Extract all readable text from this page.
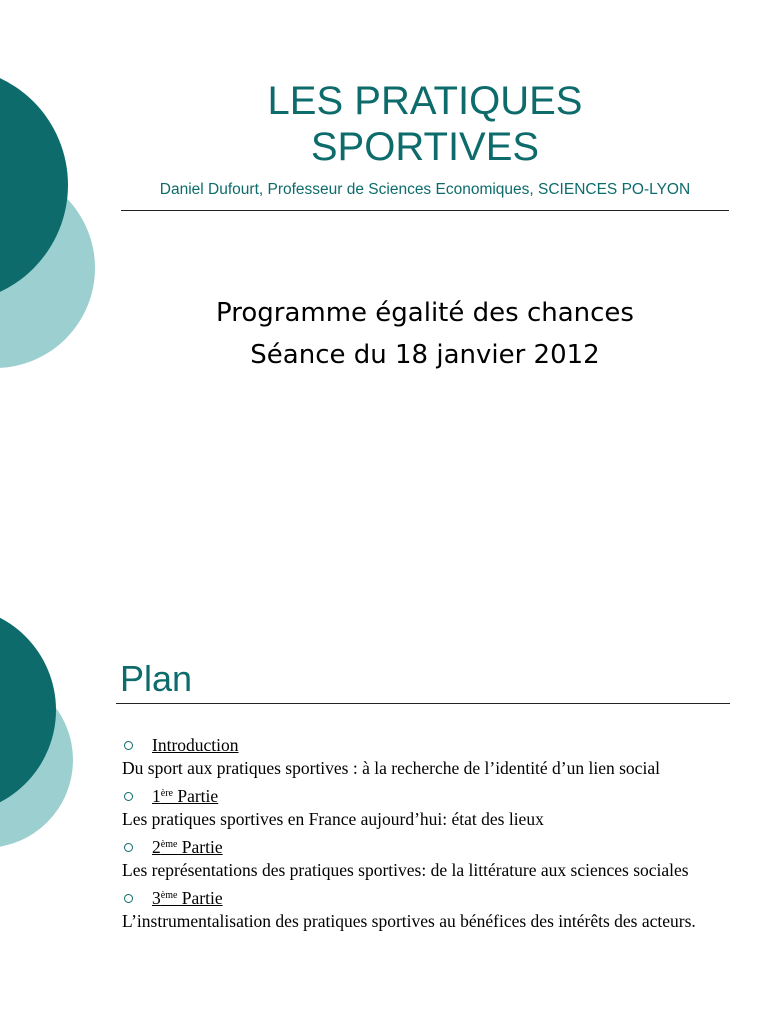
LES PRATIQUES
SPORTIVES

Daniel Dufourt, Professeur de Sciences Economiques, SCIENCES PO-LYON

Programme égalité des chances
Séance du 18 janvier 2012
Plan
Introduction
Du sport aux pratiques sportives : à la recherche de l’identité d’un lien social
1ère Partie
Les pratiques sportives en France aujourd’hui: état des lieux
2ème Partie
Les représentations des pratiques sportives: de la littérature aux sciences sociales
3ème Partie
L’instrumentalisation des pratiques sportives au bénéfices des intérêts des acteurs.
